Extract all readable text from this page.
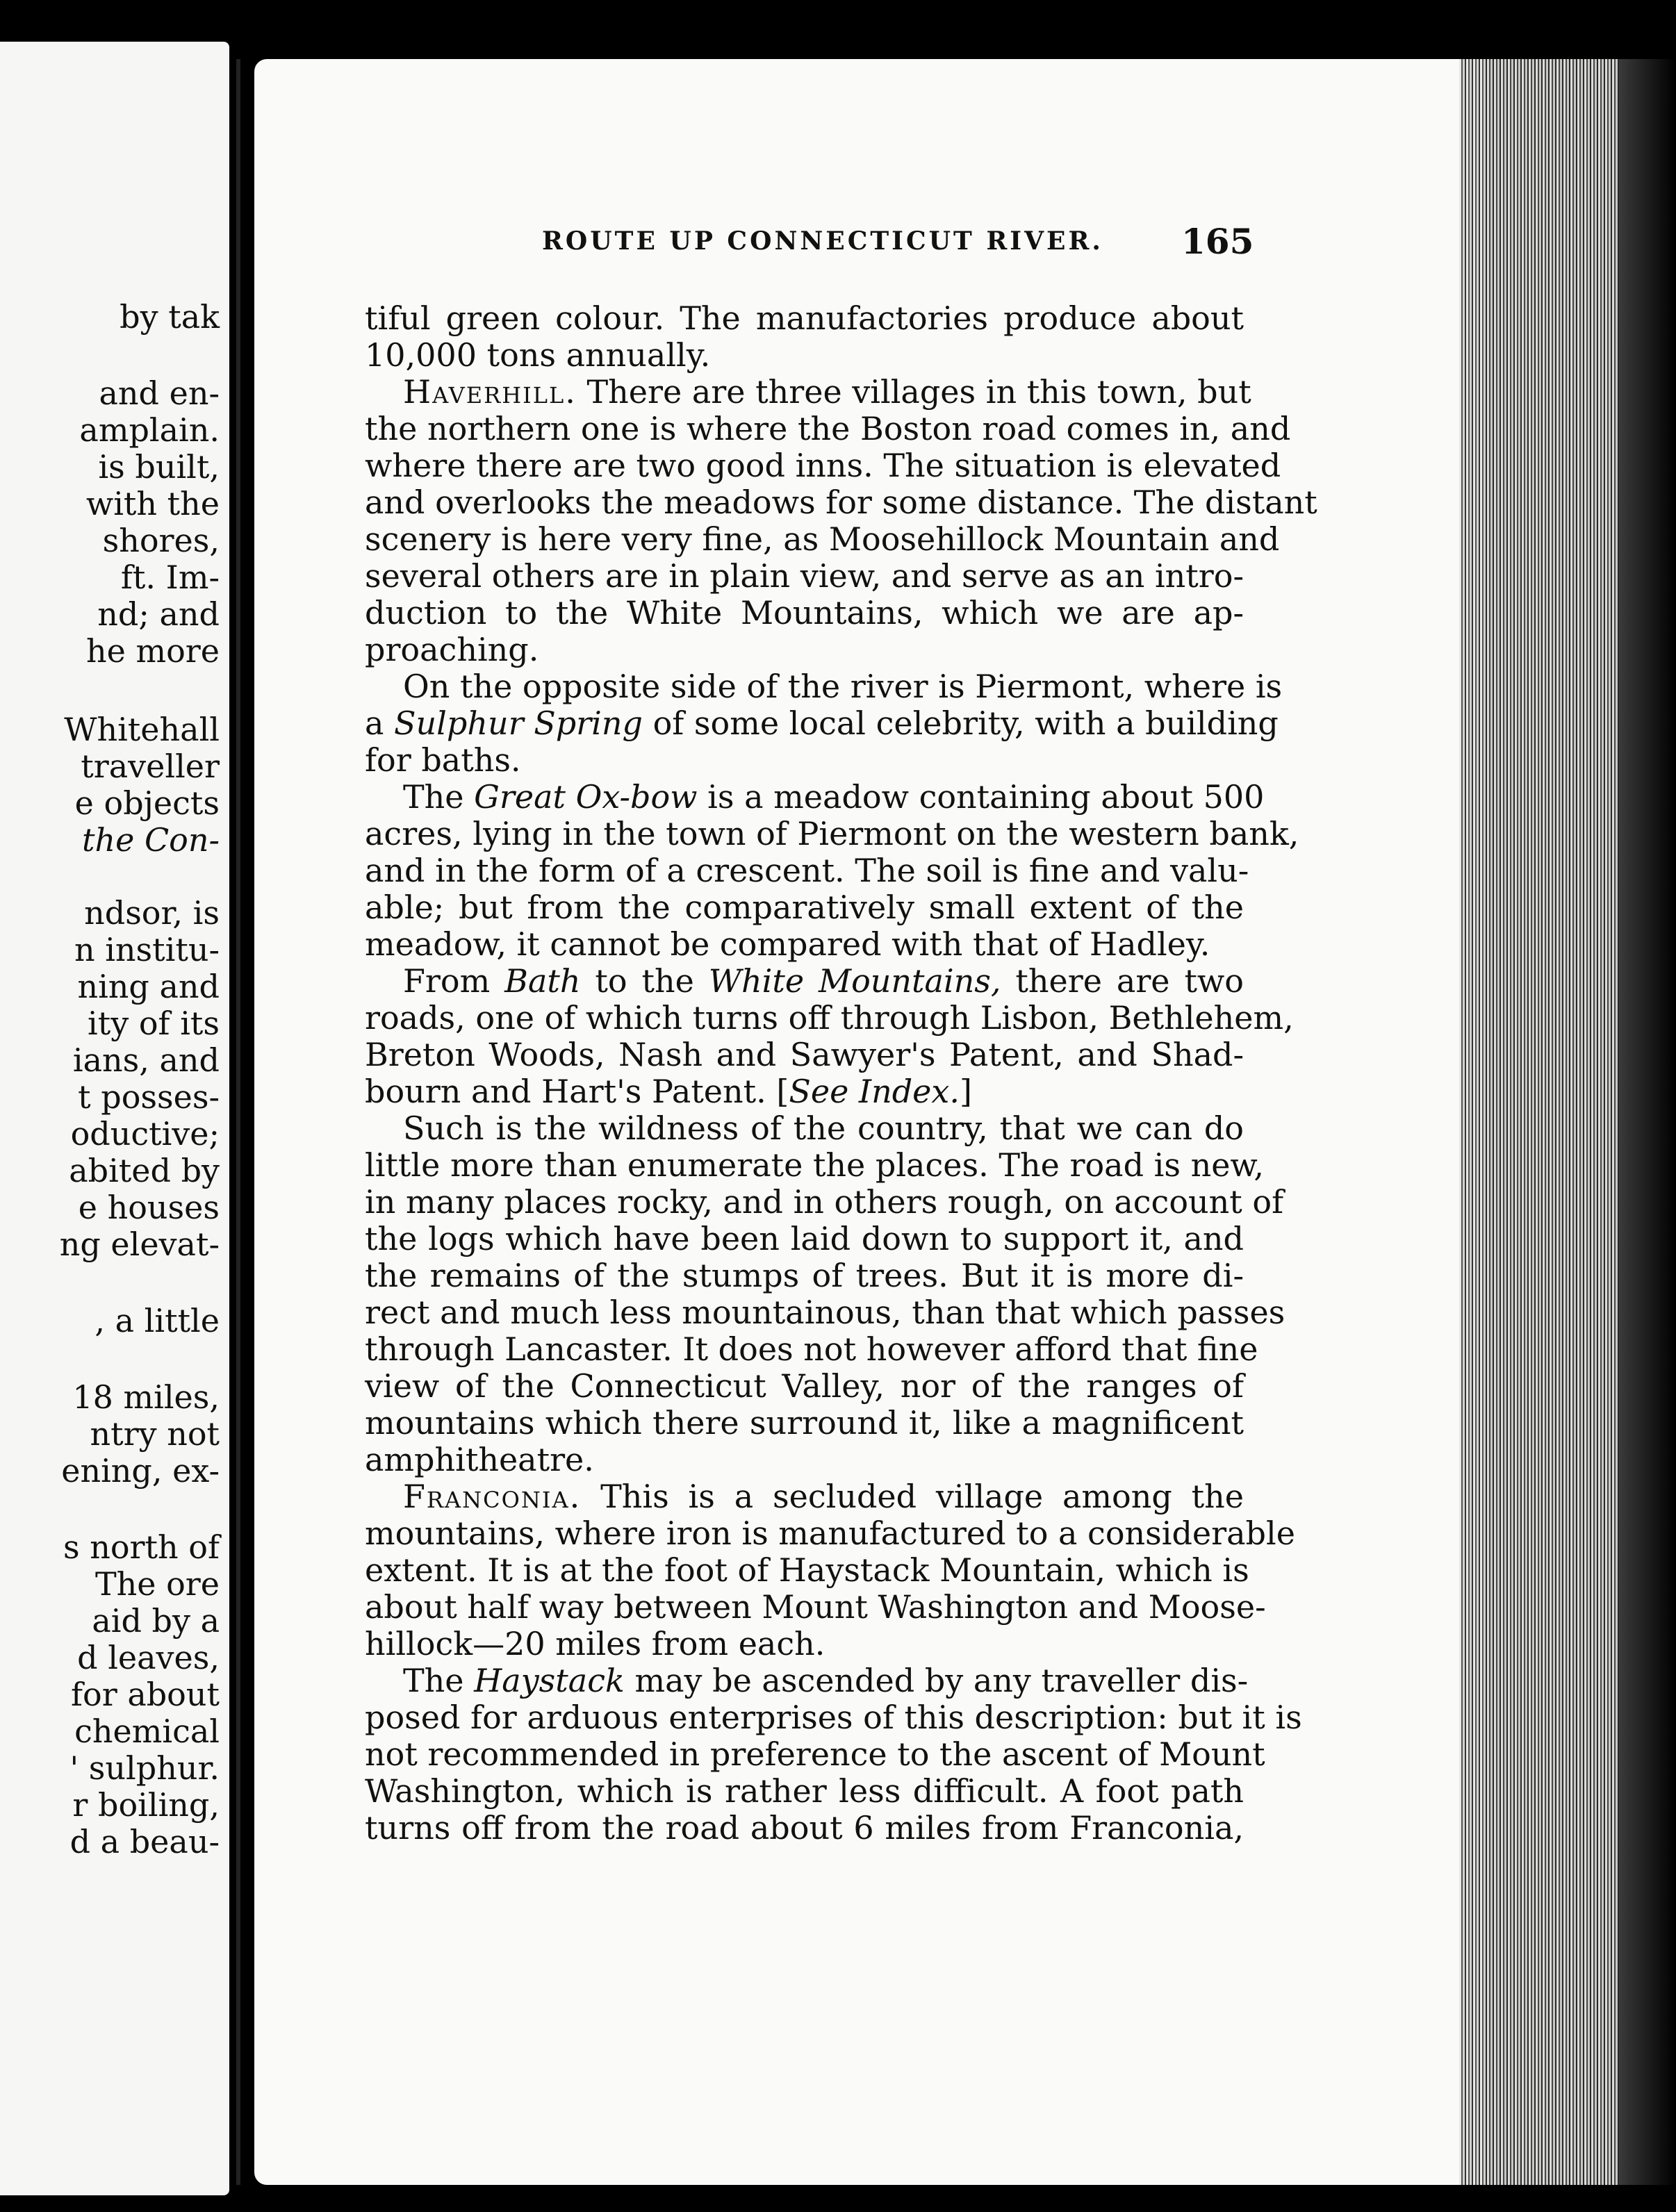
by tak
and en-
amplain.
is built,
with the
shores,
ft. Im-
nd; and
he more
Whitehall
traveller
e objects
the Con-
ndsor, is
n institu-
ning and
ity of its
ians, and
t posses-
oductive;
abited by
e houses
ng elevat-
, a little
18 miles,
ntry not
ening, ex-
s north of
The ore
aid by a
d leaves,
for about
chemical
' sulphur.
r boiling,
d a beau-
ROUTE UP CONNECTICUT RIVER. 165
tiful green colour. The manufactories produce about
10,000 tons annually.
Haverhill. There are three villages in this town, but
the northern one is where the Boston road comes in, and
where there are two good inns. The situation is elevated
and overlooks the meadows for some distance. The distant
scenery is here very fine, as Moosehillock Mountain and
several others are in plain view, and serve as an intro-
duction to the White Mountains, which we are ap-
proaching.
On the opposite side of the river is Piermont, where is
a Sulphur Spring of some local celebrity, with a building
for baths.
The Great Ox-bow is a meadow containing about 500
acres, lying in the town of Piermont on the western bank,
and in the form of a crescent. The soil is fine and valu-
able; but from the comparatively small extent of the
meadow, it cannot be compared with that of Hadley.
From Bath to the White Mountains, there are two
roads, one of which turns off through Lisbon, Bethlehem,
Breton Woods, Nash and Sawyer's Patent, and Shad-
bourn and Hart's Patent. [See Index.]
Such is the wildness of the country, that we can do
little more than enumerate the places. The road is new,
in many places rocky, and in others rough, on account of
the logs which have been laid down to support it, and
the remains of the stumps of trees. But it is more di-
rect and much less mountainous, than that which passes
through Lancaster. It does not however afford that fine
view of the Connecticut Valley, nor of the ranges of
mountains which there surround it, like a magnificent
amphitheatre.
Franconia. This is a secluded village among the
mountains, where iron is manufactured to a considerable
extent. It is at the foot of Haystack Mountain, which is
about half way between Mount Washington and Moose-
hillock—20 miles from each.
The Haystack may be ascended by any traveller dis-
posed for arduous enterprises of this description: but it is
not recommended in preference to the ascent of Mount
Washington, which is rather less difficult. A foot path
turns off from the road about 6 miles from Franconia,
